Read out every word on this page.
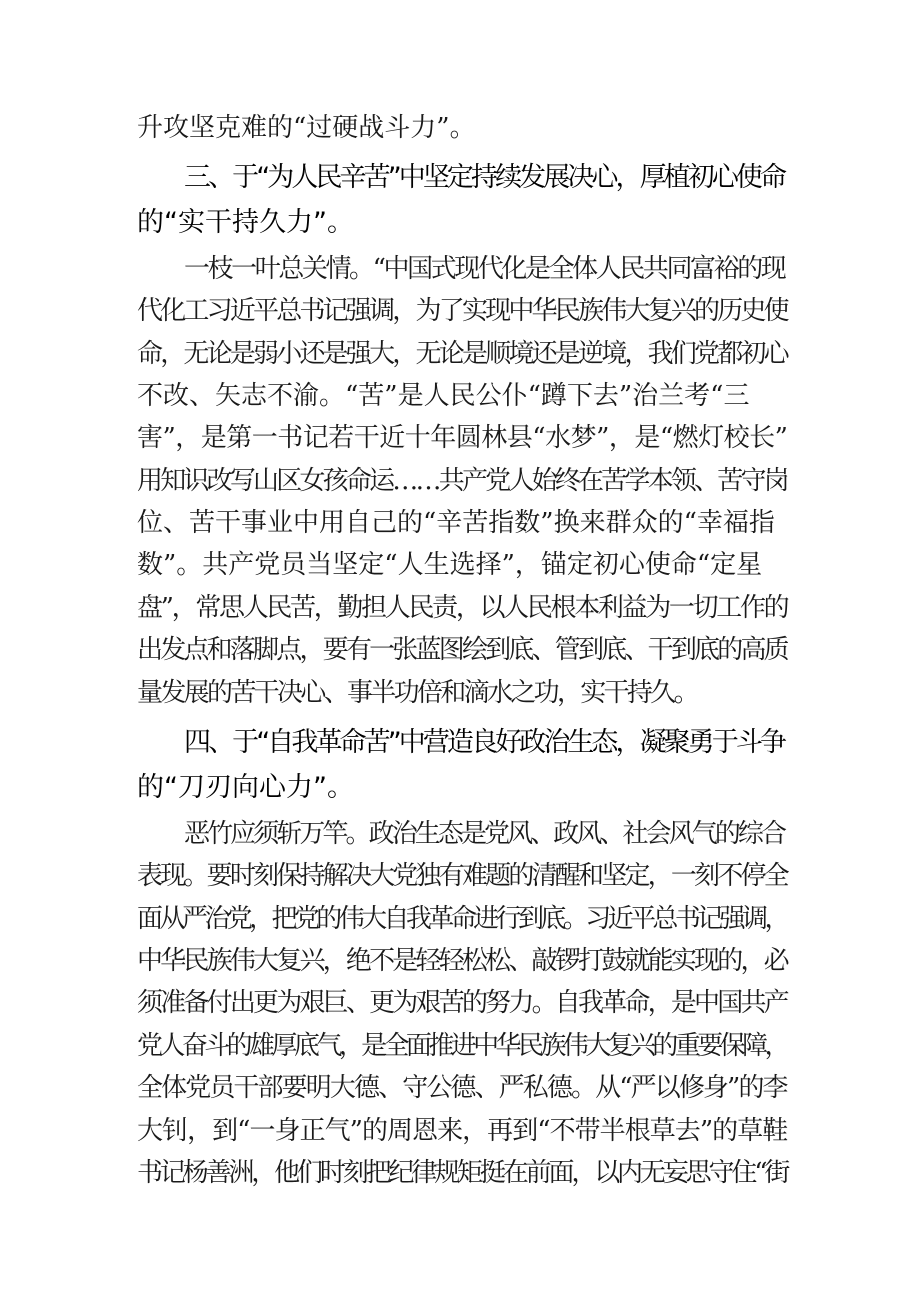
升攻坚克难的“过硬战斗力”。
三、于“为人民辛苦”中坚定持续发展决心，厚植初心使命
的“实干持久力”。
一枝一叶总关情。“中国式现代化是全体人民共同富裕的现
代化工习近平总书记强调，为了实现中华民族伟大复兴的历史使
命，无论是弱小还是强大，无论是顺境还是逆境，我们党都初心
不改、矢志不渝。“苦”是人民公仆“蹲下去”治兰考“三
害”，是第一书记若干近十年圆林县“水梦”，是“燃灯校长”
用知识改写山区女孩命运……共产党人始终在苦学本领、苦守岗
位、苦干事业中用自己的“辛苦指数”换来群众的“幸福指
数”。共产党员当坚定“人生选择”，锚定初心使命“定星
盘”，常思人民苦，勤担人民责，以人民根本利益为一切工作的
出发点和落脚点，要有一张蓝图绘到底、管到底、干到底的高质
量发展的苦干决心、事半功倍和滴水之功，实干持久。
四、于“自我革命苦”中营造良好政治生态，凝聚勇于斗争
的“刀刃向心力”。
恶竹应须斩万竿。政治生态是党风、政风、社会风气的综合
表现。要时刻保持解决大党独有难题的清醒和坚定，一刻不停全
面从严治党，把党的伟大自我革命进行到底。习近平总书记强调，
中华民族伟大复兴，绝不是轻轻松松、敲锣打鼓就能实现的，必
须准备付出更为艰巨、更为艰苦的努力。自我革命，是中国共产
党人奋斗的雄厚底气，是全面推进中华民族伟大复兴的重要保障，
全体党员干部要明大德、守公德、严私德。从“严以修身”的李
大钊，到“一身正气”的周恩来，再到“不带半根草去”的草鞋
书记杨善洲，他们时刻把纪律规矩挺在前面，以内无妄思守住“街
